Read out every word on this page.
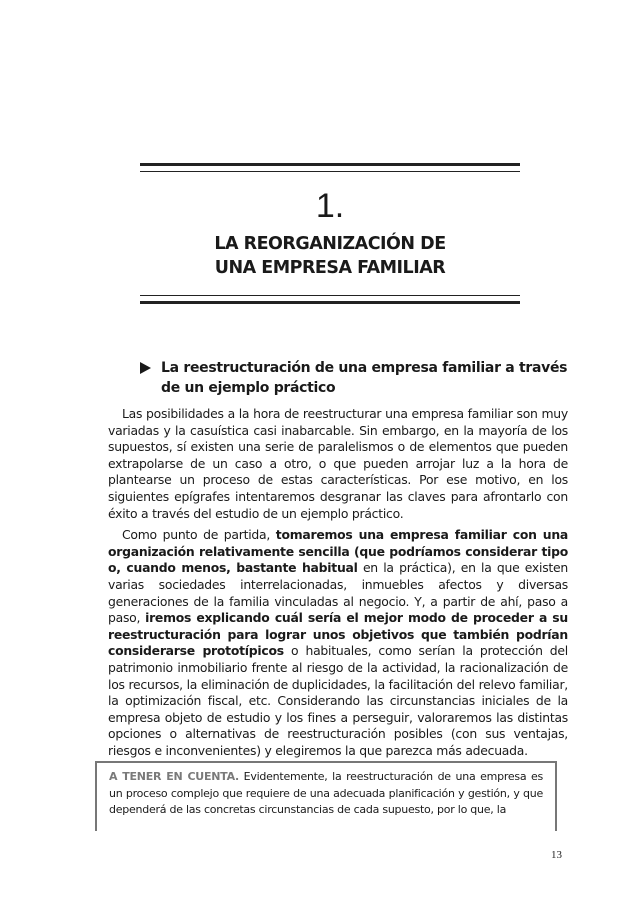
1.
LA REORGANIZACIÓN DE
UNA EMPRESA FAMILIAR
La reestructuración de una empresa familiar a través de un ejemplo práctico

Las posibilidades a la hora de reestructurar una empresa familiar son muy variadas y la casuística casi inabarcable. Sin embargo, en la mayoría de los supuestos, sí existen una serie de paralelismos o de elementos que pueden extrapolarse de un caso a otro, o que pueden arrojar luz a la hora de plantearse un proceso de estas características. Por ese motivo, en los siguientes epígrafes intentaremos desgranar las claves para afrontarlo con éxito a través del estudio de un ejemplo práctico.

Como punto de partida, tomaremos una empresa familiar con una organización relativamente sencilla (que podríamos considerar tipo o, cuando menos, bastante habitual en la práctica), en la que existen varias sociedades interrelacionadas, inmuebles afectos y diversas generaciones de la familia vinculadas al negocio. Y, a partir de ahí, paso a paso, iremos explicando cuál sería el mejor modo de proceder a su reestructuración para lograr unos objetivos que también podrían considerarse prototípicos o habituales, como serían la protección del patrimonio inmobiliario frente al riesgo de la actividad, la racionalización de los recursos, la eliminación de duplicidades, la facilitación del relevo familiar, la optimización fiscal, etc. Considerando las circunstancias iniciales de la empresa objeto de estudio y los fines a perseguir, valoraremos las distintas opciones o alternativas de reestructuración posibles (con sus ventajas, riesgos e inconvenientes) y elegiremos la que parezca más adecuada.

A TENER EN CUENTA. Evidentemente, la reestructuración de una empresa es un proceso complejo que requiere de una adecuada planificación y gestión, y que dependerá de las concretas circunstancias de cada supuesto, por lo que, la
13
